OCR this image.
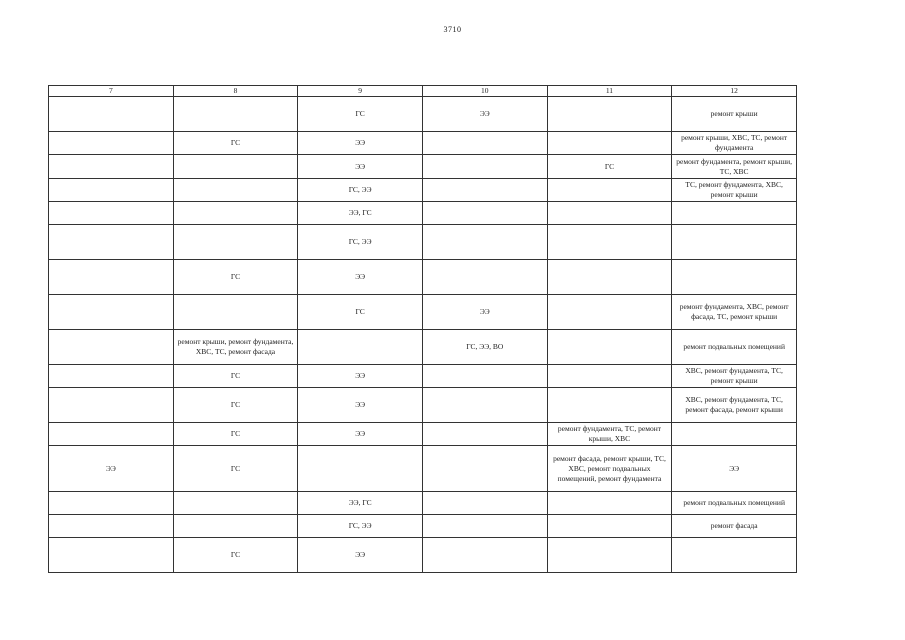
3710
7	8	9	10	11	12
		ГС	ЭЭ		ремонт крыши
	ГС	ЭЭ			ремонт крыши, ХВС, ТС, ремонт фундамента
		ЭЭ		ГС	ремонт фундамента, ремонт крыши, ТС, ХВС
		ГС, ЭЭ			ТС, ремонт фундамента, ХВС, ремонт крыши
		ЭЭ, ГС			
		ГС, ЭЭ			
	ГС	ЭЭ			
		ГС	ЭЭ		ремонт фундамента, ХВС, ремонт фасада, ТС, ремонт крыши
	ремонт крыши, ремонт фундамента, ХВС, ТС, ремонт фасада		ГС, ЭЭ, ВО		ремонт подвальных помещений
	ГС	ЭЭ			ХВС, ремонт фундамента, ТС, ремонт крыши
	ГС	ЭЭ			ХВС, ремонт фундамента, ТС, ремонт фасада, ремонт крыши
	ГС	ЭЭ		ремонт фундамента, ТС, ремонт крыши, ХВС	
ЭЭ	ГС			ремонт фасада, ремонт крыши, ТС, ХВС, ремонт подвальных помещений, ремонт фундамента	ЭЭ
		ЭЭ, ГС			ремонт подвальных помещений
		ГС, ЭЭ			ремонт фасада
	ГС	ЭЭ			
